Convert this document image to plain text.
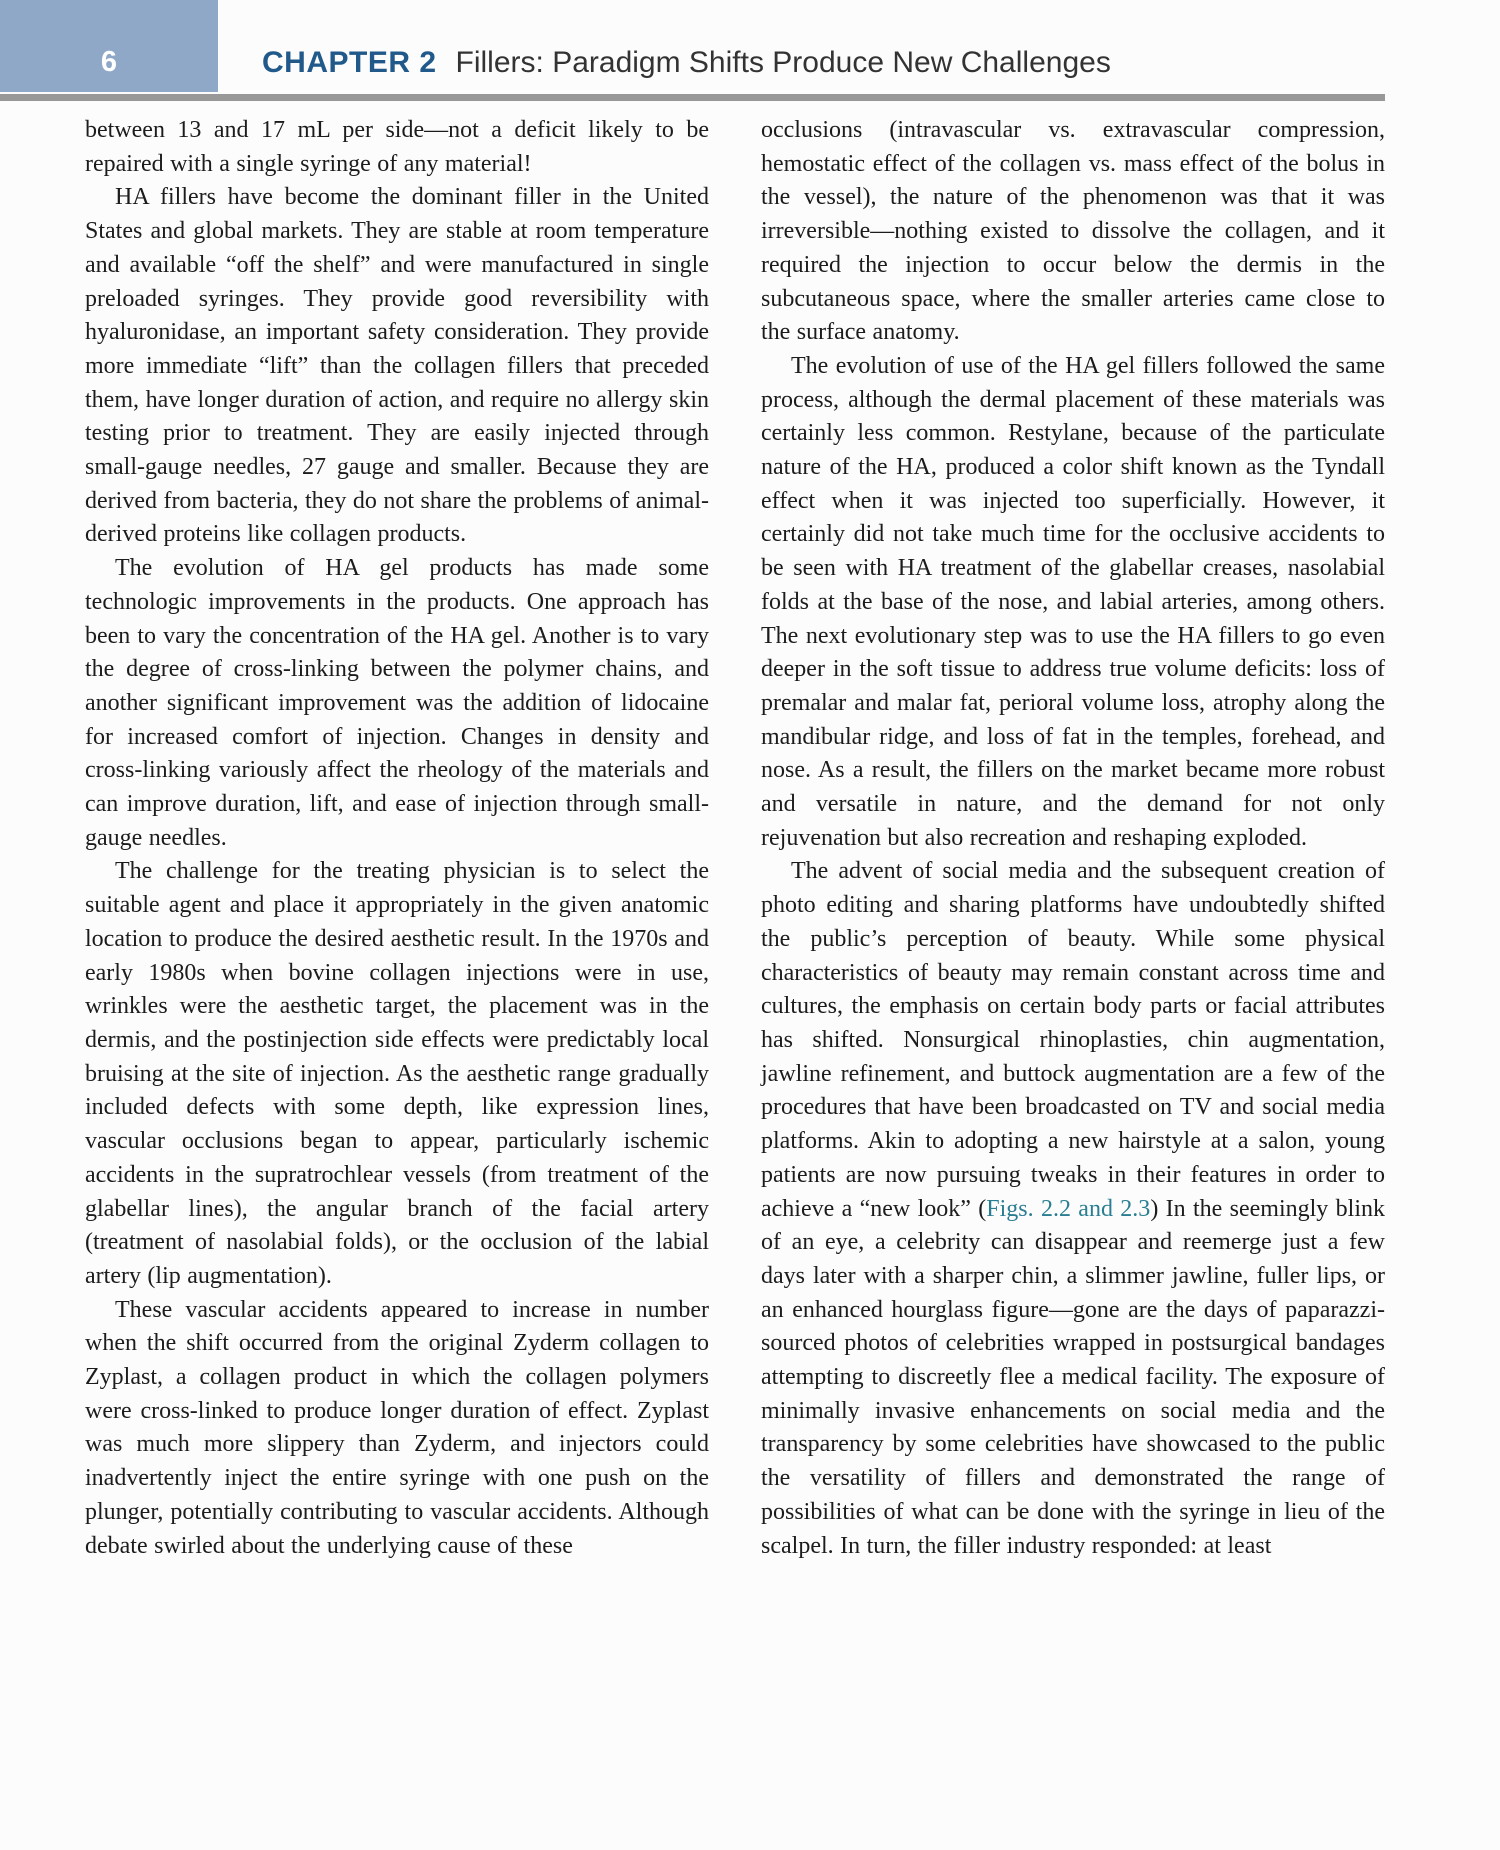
6	CHAPTER 2 Fillers: Paradigm Shifts Produce New Challenges

between 13 and 17 mL per side—not a deficit likely to be repaired with a single syringe of any material!

HA fillers have become the dominant filler in the United States and global markets. They are stable at room temperature and available “off the shelf” and were manufactured in single preloaded syringes. They provide good reversibility with hyaluronidase, an important safety consideration. They provide more immediate “lift” than the collagen fillers that preceded them, have longer duration of action, and require no allergy skin testing prior to treatment. They are easily injected through small-gauge needles, 27 gauge and smaller. Because they are derived from bacteria, they do not share the problems of animal-derived proteins like collagen products.

The evolution of HA gel products has made some technologic improvements in the products. One approach has been to vary the concentration of the HA gel. Another is to vary the degree of cross-linking between the polymer chains, and another significant improvement was the addition of lidocaine for increased comfort of injection. Changes in density and cross-linking variously affect the rheology of the materials and can improve duration, lift, and ease of injection through small-gauge needles.

The challenge for the treating physician is to select the suitable agent and place it appropriately in the given anatomic location to produce the desired aesthetic result. In the 1970s and early 1980s when bovine collagen injections were in use, wrinkles were the aesthetic target, the placement was in the dermis, and the postinjection side effects were predictably local bruising at the site of injection. As the aesthetic range gradually included defects with some depth, like expression lines, vascular occlusions began to appear, particularly ischemic accidents in the supratrochlear vessels (from treatment of the glabellar lines), the angular branch of the facial artery (treatment of nasolabial folds), or the occlusion of the labial artery (lip augmentation).

These vascular accidents appeared to increase in number when the shift occurred from the original Zyderm collagen to Zyplast, a collagen product in which the collagen polymers were cross-linked to produce longer duration of effect. Zyplast was much more slippery than Zyderm, and injectors could inadvertently inject the entire syringe with one push on the plunger, potentially contributing to vascular accidents. Although debate swirled about the underlying cause of these

occlusions (intravascular vs. extravascular compression, hemostatic effect of the collagen vs. mass effect of the bolus in the vessel), the nature of the phenomenon was that it was irreversible—nothing existed to dissolve the collagen, and it required the injection to occur below the dermis in the subcutaneous space, where the smaller arteries came close to the surface anatomy.

The evolution of use of the HA gel fillers followed the same process, although the dermal placement of these materials was certainly less common. Restylane, because of the particulate nature of the HA, produced a color shift known as the Tyndall effect when it was injected too superficially. However, it certainly did not take much time for the occlusive accidents to be seen with HA treatment of the glabellar creases, nasolabial folds at the base of the nose, and labial arteries, among others. The next evolutionary step was to use the HA fillers to go even deeper in the soft tissue to address true volume deficits: loss of premalar and malar fat, perioral volume loss, atrophy along the mandibular ridge, and loss of fat in the temples, forehead, and nose. As a result, the fillers on the market became more robust and versatile in nature, and the demand for not only rejuvenation but also recreation and reshaping exploded.

The advent of social media and the subsequent creation of photo editing and sharing platforms have undoubtedly shifted the public’s perception of beauty. While some physical characteristics of beauty may remain constant across time and cultures, the emphasis on certain body parts or facial attributes has shifted. Nonsurgical rhinoplasties, chin augmentation, jawline refinement, and buttock augmentation are a few of the procedures that have been broadcasted on TV and social media platforms. Akin to adopting a new hairstyle at a salon, young patients are now pursuing tweaks in their features in order to achieve a “new look” (Figs. 2.2 and 2.3) In the seemingly blink of an eye, a celebrity can disappear and reemerge just a few days later with a sharper chin, a slimmer jawline, fuller lips, or an enhanced hourglass figure—gone are the days of paparazzi-sourced photos of celebrities wrapped in postsurgical bandages attempting to discreetly flee a medical facility. The exposure of minimally invasive enhancements on social media and the transparency by some celebrities have showcased to the public the versatility of fillers and demonstrated the range of possibilities of what can be done with the syringe in lieu of the scalpel. In turn, the filler industry responded: at least
